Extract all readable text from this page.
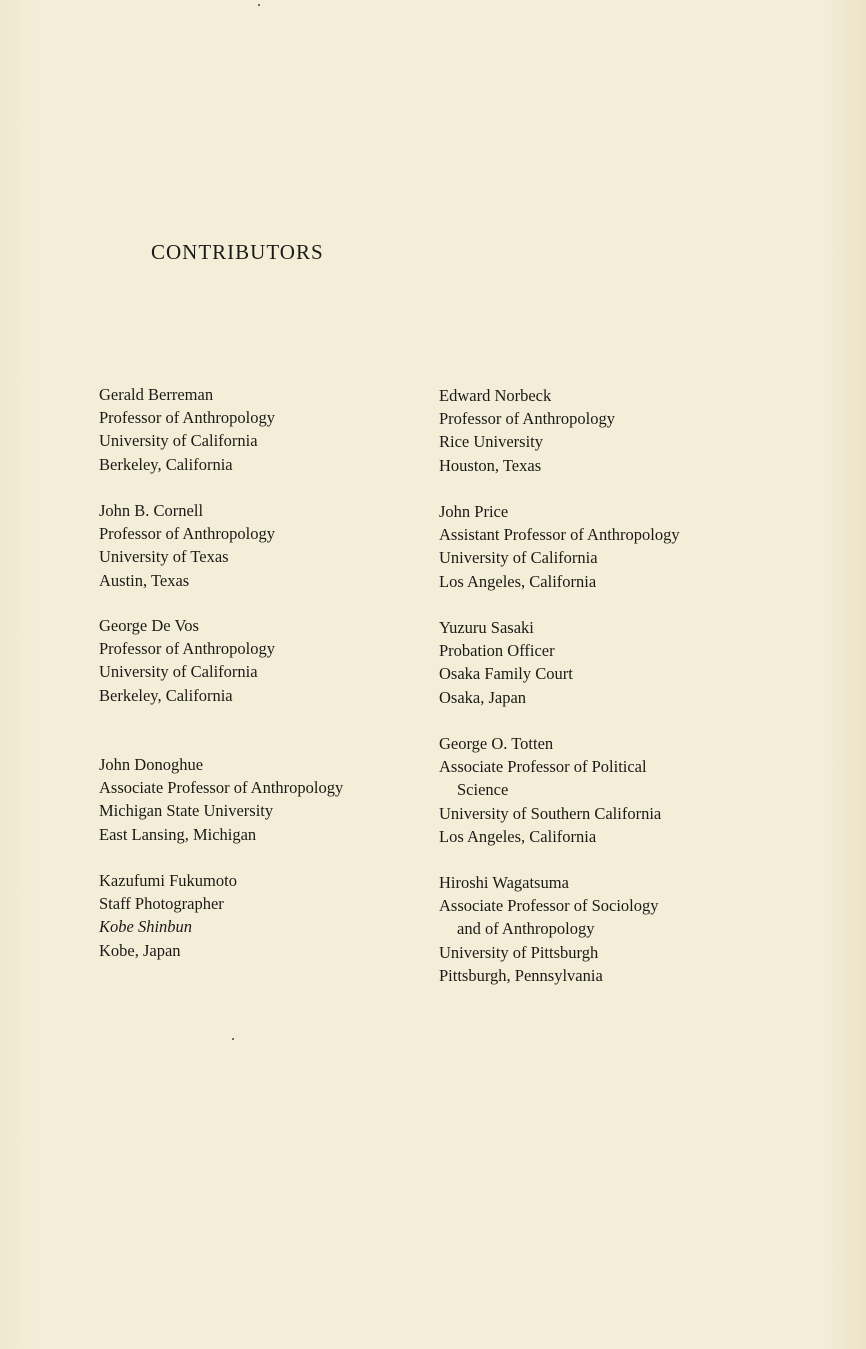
CONTRIBUTORS
Gerald Berreman
Professor of Anthropology
University of California
Berkeley, California
John B. Cornell
Professor of Anthropology
University of Texas
Austin, Texas
George De Vos
Professor of Anthropology
University of California
Berkeley, California
John Donoghue
Associate Professor of Anthropology
Michigan State University
East Lansing, Michigan
Kazufumi Fukumoto
Staff Photographer
Kobe Shinbun
Kobe, Japan
Edward Norbeck
Professor of Anthropology
Rice University
Houston, Texas
John Price
Assistant Professor of Anthropology
University of California
Los Angeles, California
Yuzuru Sasaki
Probation Officer
Osaka Family Court
Osaka, Japan
George O. Totten
Associate Professor of Political
Science
University of Southern California
Los Angeles, California
Hiroshi Wagatsuma
Associate Professor of Sociology
and of Anthropology
University of Pittsburgh
Pittsburgh, Pennsylvania
